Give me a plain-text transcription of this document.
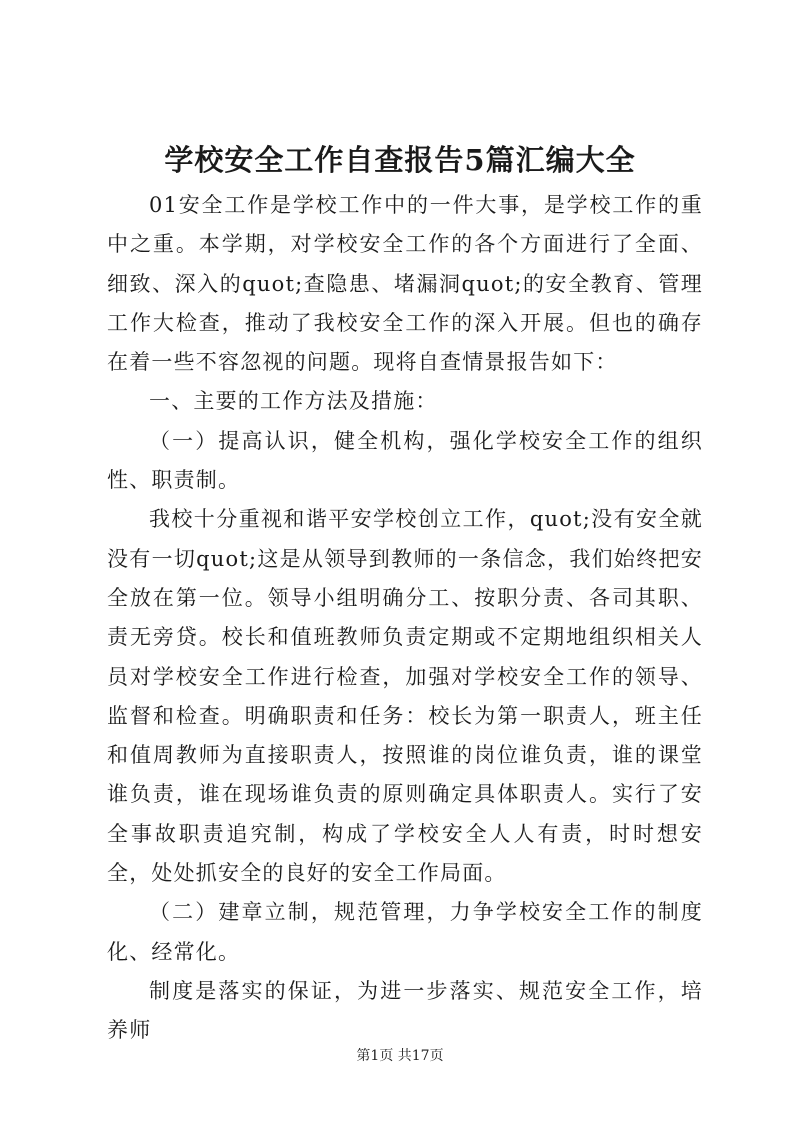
学校安全工作自查报告5篇汇编大全

01安全工作是学校工作中的一件大事，是学校工作的重中之重。本学期，对学校安全工作的各个方面进行了全面、细致、深入的quot;查隐患、堵漏洞quot;的安全教育、管理工作大检查，推动了我校安全工作的深入开展。但也的确存在着一些不容忽视的问题。现将自查情景报告如下：

一、主要的工作方法及措施：

（一）提高认识，健全机构，强化学校安全工作的组织性、职责制。

我校十分重视和谐平安学校创立工作，quot;没有安全就没有一切quot;这是从领导到教师的一条信念，我们始终把安全放在第一位。领导小组明确分工、按职分责、各司其职、责无旁贷。校长和值班教师负责定期或不定期地组织相关人员对学校安全工作进行检查，加强对学校安全工作的领导、监督和检查。明确职责和任务：校长为第一职责人，班主任和值周教师为直接职责人，按照谁的岗位谁负责，谁的课堂谁负责，谁在现场谁负责的原则确定具体职责人。实行了安全事故职责追究制，构成了学校安全人人有责，时时想安全，处处抓安全的良好的安全工作局面。

（二）建章立制，规范管理，力争学校安全工作的制度化、经常化。

制度是落实的保证，为进一步落实、规范安全工作，培养师

第1页 共17页
